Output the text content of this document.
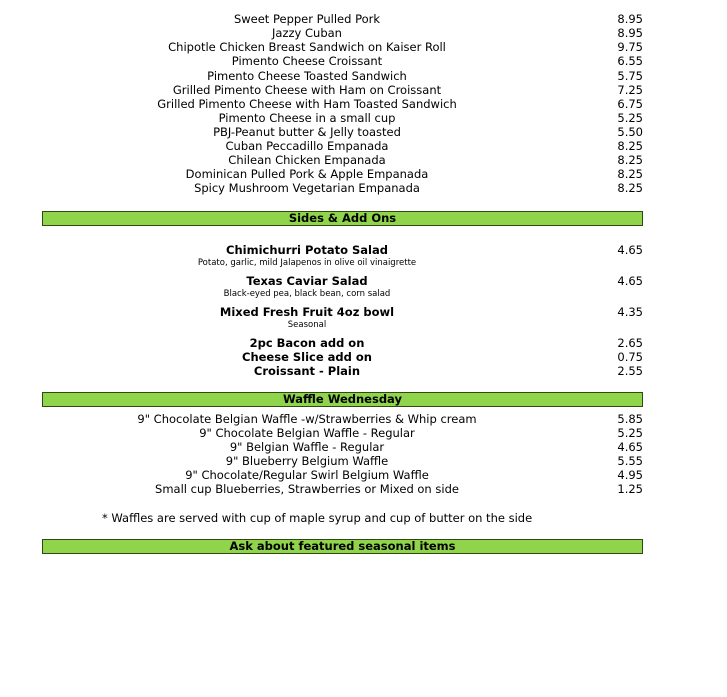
Sweet Pepper Pulled Pork	8.95
Jazzy Cuban	8.95
Chipotle Chicken Breast Sandwich on Kaiser Roll	9.75
Pimento Cheese Croissant	6.55
Pimento Cheese Toasted Sandwich	5.75
Grilled Pimento Cheese with Ham on Croissant	7.25
Grilled Pimento Cheese with Ham Toasted Sandwich	6.75
Pimento Cheese in a small cup	5.25
PBJ-Peanut butter & Jelly toasted	5.50
Cuban Peccadillo Empanada	8.25
Chilean Chicken Empanada	8.25
Dominican Pulled Pork & Apple Empanada	8.25
Spicy Mushroom Vegetarian Empanada	8.25
Sides & Add Ons
Chimichurri Potato Salad	4.65
Potato, garlic, mild Jalapenos in olive oil vinaigrette
Texas Caviar Salad	4.65
Black-eyed pea, black bean, corn salad
Mixed Fresh Fruit 4oz bowl	4.35
Seasonal
2pc Bacon add on	2.65
Cheese Slice add on	0.75
Croissant - Plain	2.55
Waffle Wednesday
9" Chocolate Belgian Waffle -w/Strawberries & Whip cream	5.85
9" Chocolate Belgian Waffle - Regular	5.25
9" Belgian Waffle - Regular	4.65
9" Blueberry Belgium Waffle	5.55
9" Chocolate/Regular Swirl Belgium Waffle	4.95
Small cup Blueberries, Strawberries or Mixed on side	1.25
* Waffles are served with cup of maple syrup and cup of butter on the side
Ask about featured seasonal items
